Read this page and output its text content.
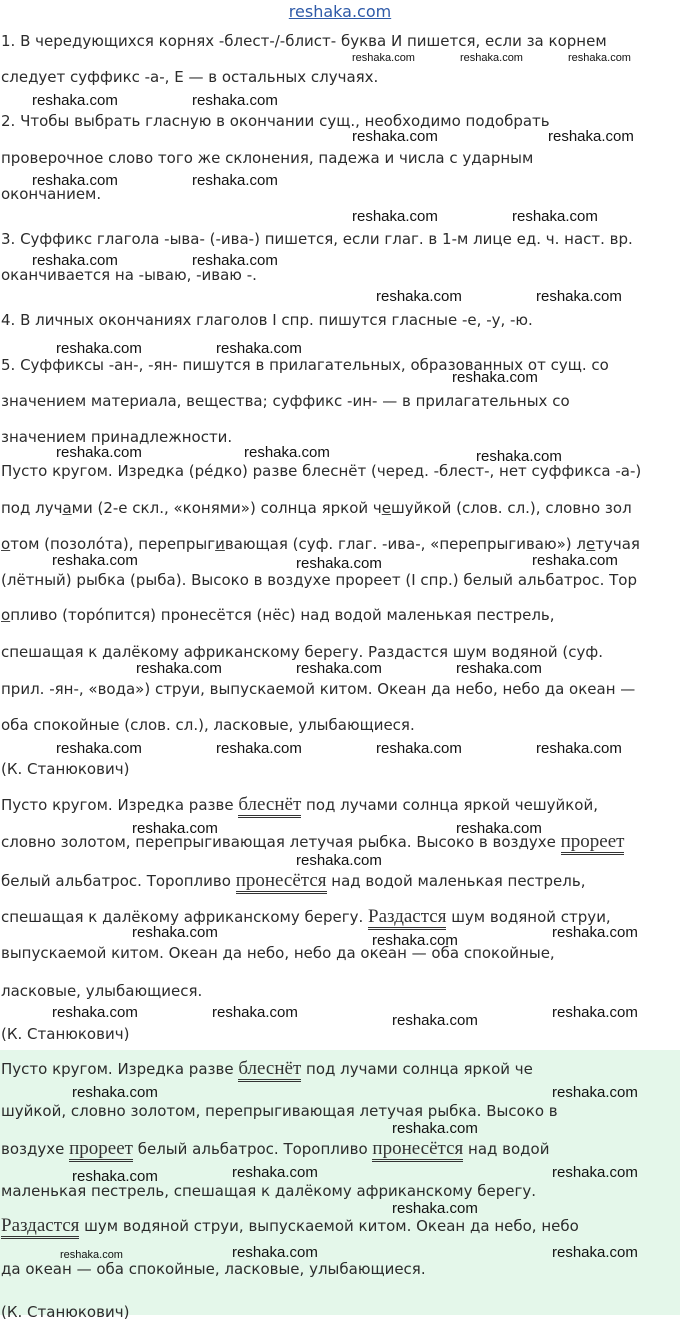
reshaka.com
1. В чередующихся корнях -блест-/-блист- буква И пишется, если за корнем
следует суффикс -а-, Е — в остальных случаях.
2. Чтобы выбрать гласную в окончании сущ., необходимо подобрать
проверочное слово того же склонения, падежа и числа с ударным
окончанием.
3. Суффикс глагола -ыва- (-ива-) пишется, если глаг. в 1-м лице ед. ч. наст. вр.
оканчивается на -ываю, -иваю -.
4. В личных окончаниях глаголов I спр. пишутся гласные -е, -у, -ю.
5. Суффиксы -ан-, -ян- пишутся в прилагательных, образованных от сущ. со
значением материала, вещества; суффикс -ин- — в прилагательных со
значением принадлежности.
Пусто кругом. Изредка (рéдко) разве блеснёт (черед. -блест-, нет суффикса -а-)
под лучами (2-е скл., «конями») солнца яркой чешуйкой (слов. сл.), словно зол
отом (позолóта), перепрыгивающая (суф. глаг. -ива-, «перепрыгиваю») летучая
(лётный) рыбка (рыба). Высоко в воздухе прореет (I спр.) белый альбатрос. Тор
опливо (торóпится) пронесётся (нёс) над водой маленькая пестрель,
спешащая к далёкому африканскому берегу. Раздастся шум водяной (суф.
прил. -ян-, «вода») струи, выпускаемой китом. Океан да небо, небо да океан —
оба спокойные (слов. сл.), ласковые, улыбающиеся.
(К. Станюкович)
Пусто кругом. Изредка разве блеснёт под лучами солнца яркой чешуйкой,
словно золотом, перепрыгивающая летучая рыбка. Высоко в воздухе прореет
белый альбатрос. Торопливо пронесётся над водой маленькая пестрель,
спешащая к далёкому африканскому берегу. Раздастся шум водяной струи,
выпускаемой китом. Океан да небо, небо да океан — оба спокойные,
ласковые, улыбающиеся.
(К. Станюкович)
Пусто кругом. Изредка разве блеснёт под лучами солнца яркой че
шуйкой, словно золотом, перепрыгивающая летучая рыбка. Высоко в
воздухе прореет белый альбатрос. Торопливо пронесётся над водой
маленькая пестрель, спешащая к далёкому африканскому берегу.
Раздастся шум водяной струи, выпускаемой китом. Океан да небо, небо
да океан — оба спокойные, ласковые, улыбающиеся.
(К. Станюкович)
reshaka.com	reshaka.com	reshaka.com
reshaka.com	reshaka.com
reshaka.com	reshaka.com
reshaka.com	reshaka.com
reshaka.com	reshaka.com
reshaka.com	reshaka.com
reshaka.com	reshaka.com
reshaka.com	reshaka.com
reshaka.com
reshaka.com	reshaka.com	reshaka.com
reshaka.com	reshaka.com	reshaka.com
reshaka.com	reshaka.com	reshaka.com
reshaka.com	reshaka.com	reshaka.com	reshaka.com
reshaka.com	reshaka.com
reshaka.com
reshaka.com	reshaka.com
reshaka.com
reshaka.com	reshaka.com	reshaka.com	reshaka.com
reshaka.com	reshaka.com
reshaka.com
reshaka.com	reshaka.com	reshaka.com
reshaka.com
reshaka.com	reshaka.com	reshaka.com
